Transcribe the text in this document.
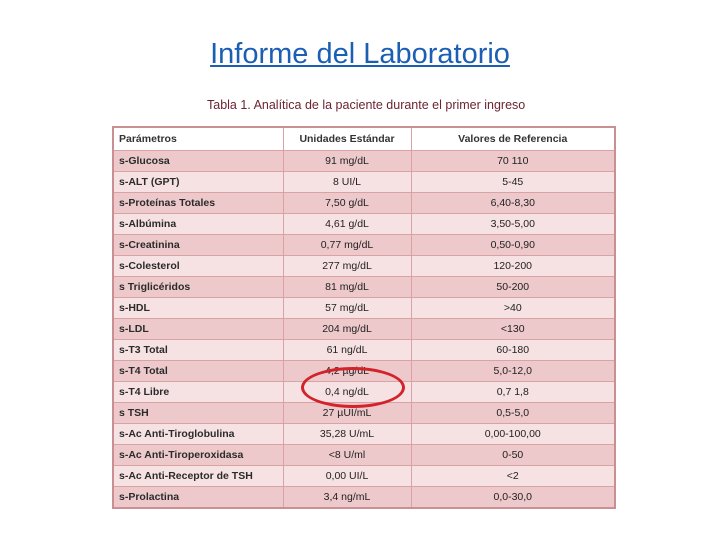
Informe del Laboratorio
Tabla 1. Analítica de la paciente durante el primer ingreso
Parámetros	Unidades Estándar	Valores de Referencia
s-Glucosa	91 mg/dL	70 110
s-ALT (GPT)	8 UI/L	5-45
s-Proteínas Totales	7,50 g/dL	6,40-8,30
s-Albúmina	4,61 g/dL	3,50-5,00
s-Creatinina	0,77 mg/dL	0,50-0,90
s-Colesterol	277 mg/dL	120-200
s Triglicéridos	81 mg/dL	50-200
s-HDL	57 mg/dL	>40
s-LDL	204 mg/dL	<130
s-T3 Total	61 ng/dL	60-180
s-T4 Total	4,2 µg/dL	5,0-12,0
s-T4 Libre	0,4 ng/dL	0,7 1,8
s TSH	27 µUI/mL	0,5-5,0
s-Ac Anti-Tiroglobulina	35,28 U/mL	0,00-100,00
s-Ac Anti-Tiroperoxidasa	<8 U/ml	0-50
s-Ac Anti-Receptor de TSH	0,00 UI/L	<2
s-Prolactina	3,4 ng/mL	0,0-30,0
